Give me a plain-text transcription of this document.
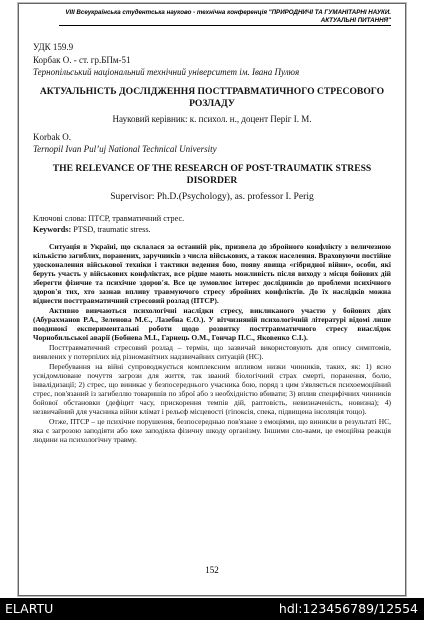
VIII Всеукраїнська студентська науково - технічна конференція "ПРИРОДНИЧІ ТА ГУМАНІТАРНІ НАУКИ.
АКТУАЛЬНІ ПИТАННЯ"
УДК 159.9
Корбак О. - ст. гр.БПм-51
Тернопільський національний технічний університет ім. Івана Пулюя
АКТУАЛЬНІСТЬ ДОСЛІДЖЕННЯ ПОСТТРАВМАТИЧНОГО СТРЕСОВОГО РОЗЛАДУ
Науковий керівник: к. психол. н., доцент Періг І. М.
Korbak O.
Ternopil Ivan Pul’uj National Technical University
THE RELEVANCE OF THE RESEARCH OF POST-TRAUMATIK STRESS DISORDER
Supervisor: Ph.D.(Psychology), as. professor I. Perig
Ключові слова: ПТСР, травматичний стрес.
Keywords: PTSD, traumatic stress.

Ситуація в Україні, що склалася за останній рік, призвела до збройного конфлікту з величезною кількістю загиблих, поранених, заручників з числа військових, а також населення. Враховуючи постійне удосконалення військової техніки і тактики ведення бою, появу явища «гібридної війни», особи, які беруть участь у військових конфліктах, все рідше мають можливість після виходу з місця бойових дій зберегти фізичне та психічне здоров'я. Все це зумовлює інтерес дослідників до проблеми психічного здоров'я тих, хто зазнав впливу травмуючого стресу збройних конфліктів. До їх наслідків можна віднести посттравматичний стресовий розлад (ПТСР).

Активно вивчаються психологічні наслідки стресу, викликаного участю у бойових діях (Абурахманов Р.А., Зеленова М.Є., Лазебна Є.О.). У вітчизняній психологічній літературі відомі лише поодинокі експериментальні роботи щодо розвитку посттравматичного стресу внаслідок Чорнобильської аварії (Бобнева М.І., Гарнець О.М., Гончар П.С., Яковенко С.І.).

Посттравматичний стресовий розлад – термін, що зазвичай використовують для опису симптомів, виявлених у потерпілих від різноманітних надзвичайних ситуацій (НС).

Перебування на війні супроводжується комплексним впливом низки чинників, таких, як: 1) ясно усвідомлюване почуття загрози для життя, так званий біологічний страх смерті, поранення, болю, інвалідизації; 2) стрес, що виникає у безпосереднього учасника бою, поряд з цим з'являється психоемоційний стрес, пов'язаний із загибеллю товаришів по зброї або з необхідністю вбивати; 3) вплив специфічних чинників бойової обстановки (дефіцит часу, прискорення темпів дій, раптовість, невизначеність, новизна); 4) незвичайний для учасника війни клімат і рельєф місцевості (гіпоксія, спека, підвищена інсоляція тощо).

Отже, ПТСР – це психічне порушення, безпосереднью пов'язане з емоціями, що виникли в результаті НС, яка є загрозою заподіяти або вже заподіяла фізичну шкоду організму. Іншими сло-вами, це емоційна реакція людини на психологічну травму.

152
ELARTU	hdl:123456789/12554
